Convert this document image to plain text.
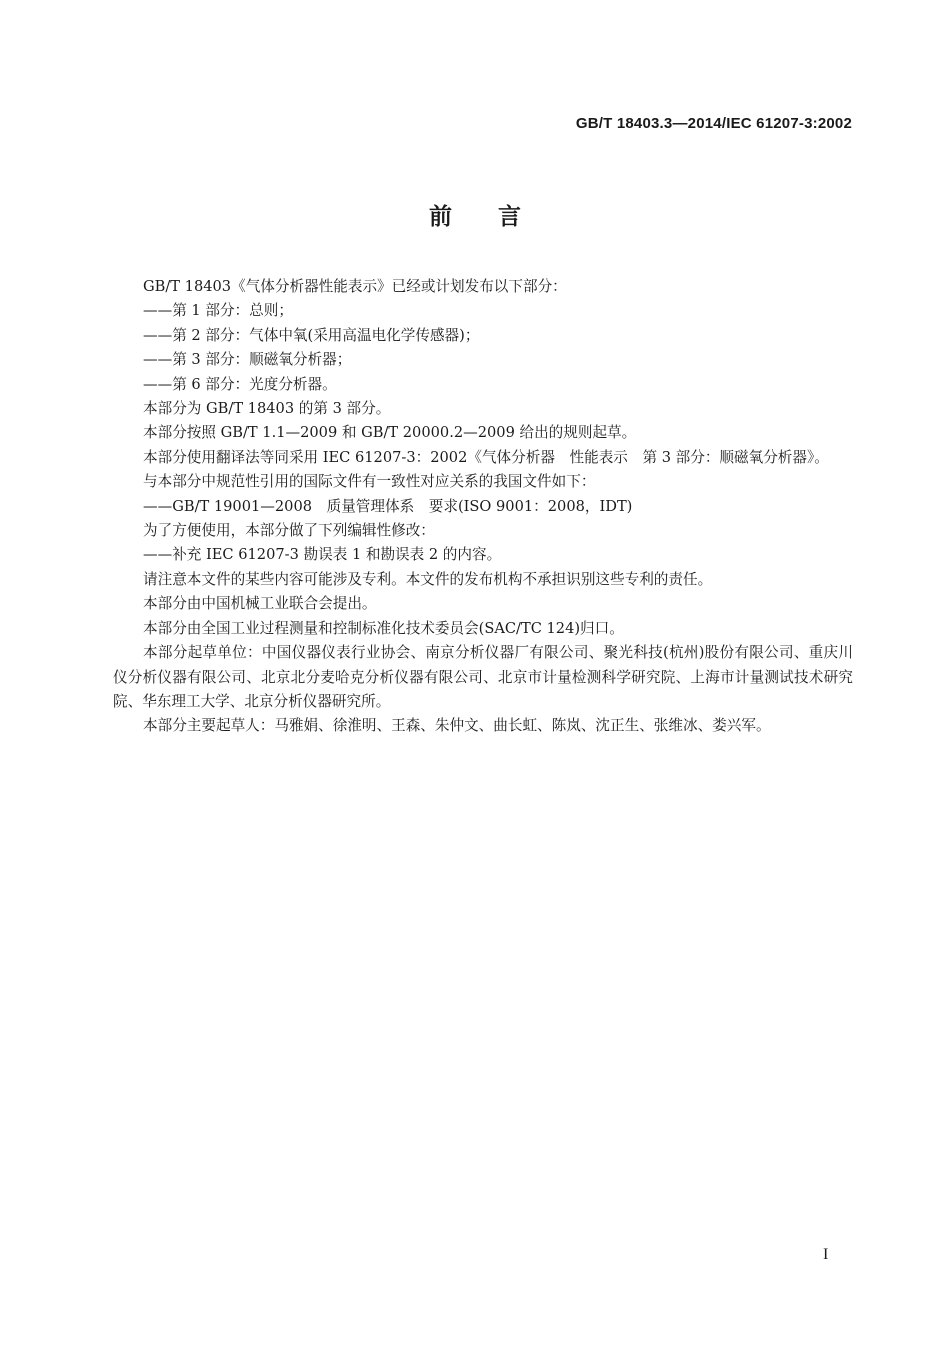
GB/T 18403.3—2014/IEC 61207-3:2002
前言

GB/T 18403《气体分析器性能表示》已经或计划发布以下部分：

——第 1 部分：总则；

——第 2 部分：气体中氧(采用高温电化学传感器)；

——第 3 部分：顺磁氧分析器；

——第 6 部分：光度分析器。

本部分为 GB/T 18403 的第 3 部分。

本部分按照 GB/T 1.1—2009 和 GB/T 20000.2—2009 给出的规则起草。

本部分使用翻译法等同采用 IEC 61207-3：2002《气体分析器　性能表示　第 3 部分：顺磁氧分析器》。

与本部分中规范性引用的国际文件有一致性对应关系的我国文件如下：

——GB/T 19001—2008　质量管理体系　要求(ISO 9001：2008，IDT)

为了方便使用，本部分做了下列编辑性修改：

——补充 IEC 61207-3 勘误表 1 和勘误表 2 的内容。

请注意本文件的某些内容可能涉及专利。本文件的发布机构不承担识别这些专利的责任。

本部分由中国机械工业联合会提出。

本部分由全国工业过程测量和控制标准化技术委员会(SAC/TC 124)归口。

本部分起草单位：中国仪器仪表行业协会、南京分析仪器厂有限公司、聚光科技(杭州)股份有限公司、重庆川仪分析仪器有限公司、北京北分麦哈克分析仪器有限公司、北京市计量检测科学研究院、上海市计量测试技术研究院、华东理工大学、北京分析仪器研究所。

本部分主要起草人：马雅娟、徐淮明、王森、朱仲文、曲长虹、陈岚、沈正生、张维冰、娄兴军。

I
